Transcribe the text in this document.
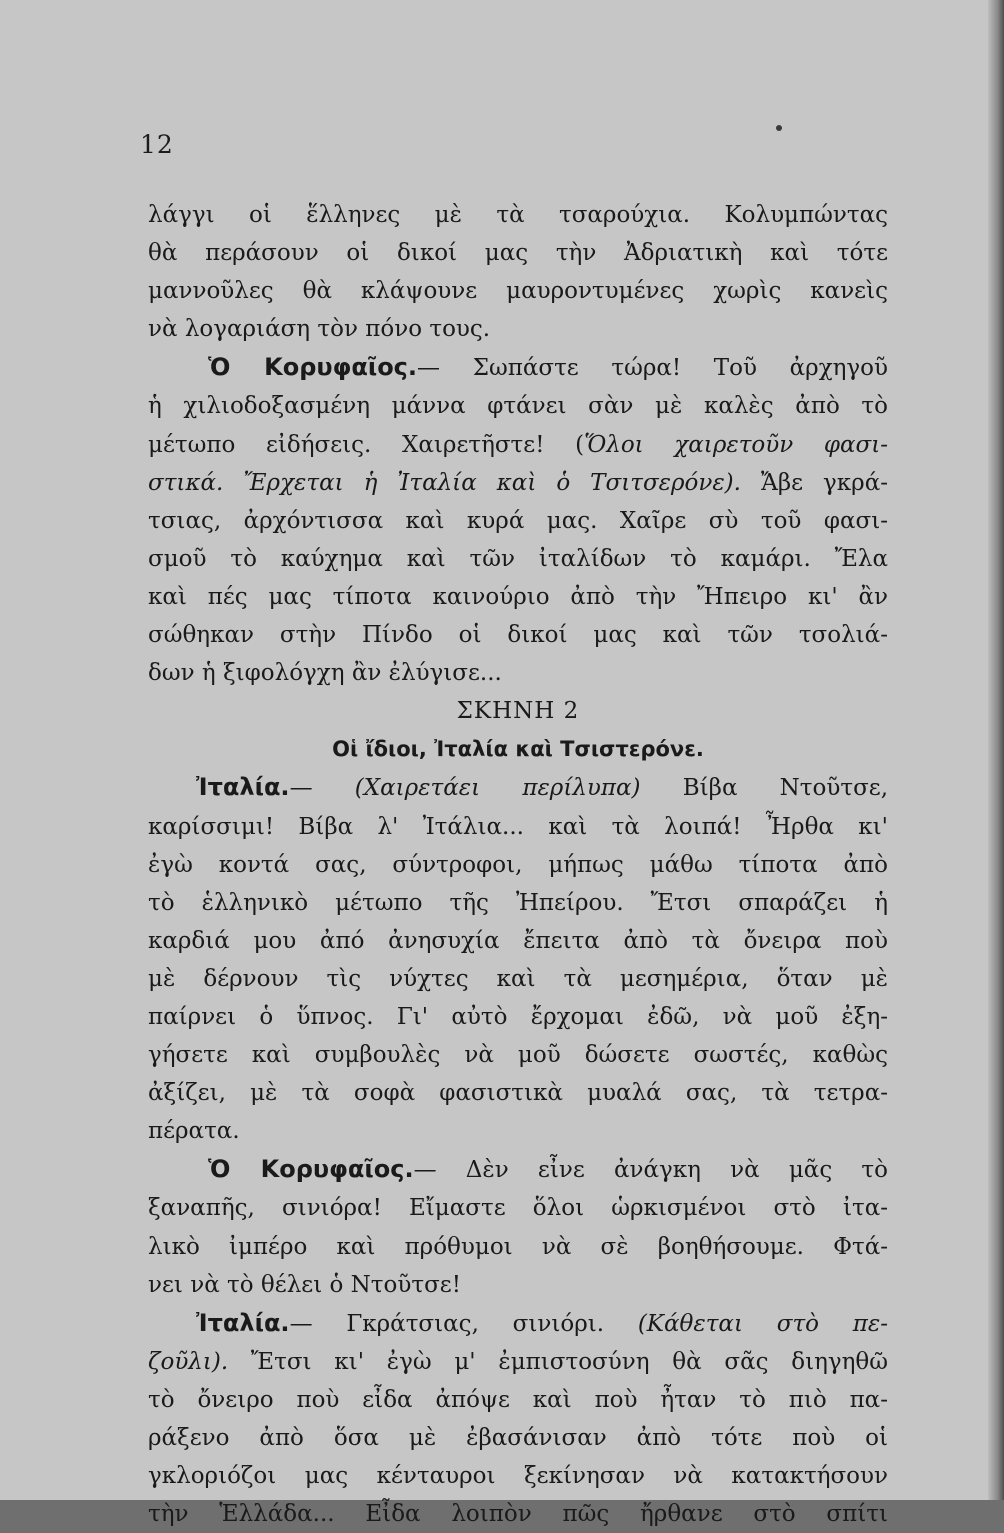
12
λάγγι οἱ ἕλληνες μὲ τὰ τσαρούχια. Κολυμπώντας
θὰ περάσουν οἱ δικοί μας τὴν Ἀδριατικὴ καὶ τότε
μαννοῦλες θὰ κλάψουνε μαυροντυμένες χωρὶς κανεὶς
νὰ λογαριάση τὸν πόνο τους.
Ὁ Κορυφαῖος.— Σωπάστε τώρα! Τοῦ ἀρχηγοῦ
ἡ χιλιοδοξασμένη μάννα φτάνει σὰν μὲ καλὲς ἀπὸ τὸ
μέτωπο εἰδήσεις. Χαιρετῆστε! (Ὅλοι χαιρετοῦν φασι-
στικά. Ἔρχεται ἡ Ἰταλία καὶ ὁ Τσιτσερόνε). Ἄβε γκρά-
τσιας, ἀρχόντισσα καὶ κυρά μας. Χαῖρε σὺ τοῦ φασι-
σμοῦ τὸ καύχημα καὶ τῶν ἰταλίδων τὸ καμάρι. Ἔλα
καὶ πές μας τίποτα καινούριο ἀπὸ τὴν Ἤπειρο κι' ἂν
σώθηκαν στὴν Πίνδο οἱ δικοί μας καὶ τῶν τσολιά-
δων ἡ ξιφολόγχη ἂν ἐλύγισε...
ΣΚΗΝΗ 2
Οἱ ἴδιοι, Ἰταλία καὶ Τσιστερόνε.
Ἰταλία.— (Χαιρετάει περίλυπα) Βίβα Ντοῦτσε,
καρίσσιμι! Βίβα λ' Ἰτάλια... καὶ τὰ λοιπά! Ἦρθα κι'
ἐγὼ κοντά σας, σύντροφοι, μήπως μάθω τίποτα ἀπὸ
τὸ ἑλληνικὸ μέτωπο τῆς Ἠπείρου. Ἔτσι σπαράζει ἡ
καρδιά μου ἀπό ἀνησυχία ἔπειτα ἀπὸ τὰ ὄνειρα ποὺ
μὲ δέρνουν τὶς νύχτες καὶ τὰ μεσημέρια, ὅταν μὲ
παίρνει ὁ ὕπνος. Γι' αὐτὸ ἔρχομαι ἐδῶ, νὰ μοῦ ἐξη-
γήσετε καὶ συμβουλὲς νὰ μοῦ δώσετε σωστές, καθὼς
ἀξίζει, μὲ τὰ σοφὰ φασιστικὰ μυαλά σας, τὰ τετρα-
πέρατα.
Ὁ Κορυφαῖος.— Δὲν εἶνε ἀνάγκη νὰ μᾶς τὸ
ξαναπῆς, σινιόρα! Εἴμαστε ὅλοι ὡρκισμένοι στὸ ἰτα-
λικὸ ἰμπέρο καὶ πρόθυμοι νὰ σὲ βοηθήσουμε. Φτά-
νει νὰ τὸ θέλει ὁ Ντοῦτσε!
Ἰταλία.— Γκράτσιας, σινιόρι. (Κάθεται στὸ πε-
ζοῦλι). Ἔτσι κι' ἐγὼ μ' ἐμπιστοσύνη θὰ σᾶς διηγηθῶ
τὸ ὄνειρο ποὺ εἶδα ἀπόψε καὶ ποὺ ἦταν τὸ πιὸ πα-
ράξενο ἀπὸ ὅσα μὲ ἐβασάνισαν ἀπὸ τότε ποὺ οἱ
γκλοριόζοι μας κένταυροι ξεκίνησαν νὰ κατακτήσουν
τὴν Ἑλλάδα... Εἶδα λοιπὸν πῶς ἤρθανε στὸ σπίτι
